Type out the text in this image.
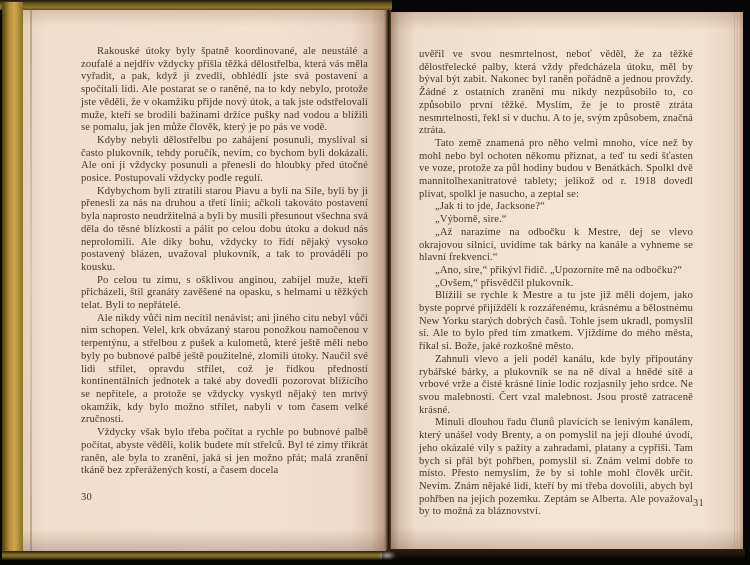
Rakouské útoky byly špatně koordinované, ale neustálé a zoufalé a nejdřív vždycky přišla těžká dělostřelba, která vás měla vyřadit, a pak, když ji zvedli, obhlédli jste svá postavení a spočítali lidi. Ale postarat se o raněné, na to kdy nebylo, protože jste věděli, že v okamžiku přijde nový útok, a tak jste odstřelovali muže, kteří se brodili bažinami držíce pušky nad vodou a blížili se pomalu, jak jen může člověk, který je po pás ve vodě.

Kdyby nebyli dělostřelbu po zahájení posunuli, myslíval si často plukovník, tehdy poručík, nevím, co bychom byli dokázali. Ale oni ji vždycky posunuli a přenesli do hloubky před útočné posice. Postupovali vždycky podle regulí.

Kdybychom byli ztratili starou Piavu a byli na Sile, byli by ji přenesli za nás na druhou a třetí linii; ačkoli takováto postavení byla naprosto neudržitelná a byli by musili přesunout všechna svá děla do těsné blízkosti a pálit po celou dobu útoku a dokud nás neprolomili. Ale díky bohu, vždycky to řídí nějaký vysoko postavený blázen, uvažoval plukovník, a tak to prováděli po kousku.

Po celou tu zimu, s ošklivou anginou, zabíjel muže, kteří přicházeli, štil granáty zavěšené na opasku, s helmami u těžkých telat. Byli to nepřátelé.

Ale nikdy vůči nim necítil nenávist; ani jiného citu nebyl vůči nim schopen. Velel, krk obvázaný starou ponožkou namočenou v terpentýnu, a střelbou z pušek a kulometů, které ještě měli nebo byly po bubnové palbě ještě použitelné, zlomili útoky. Naučil své lidi střílet, opravdu střílet, což je řídkou předností kontinentálních jednotek a také aby dovedli pozorovat blížícího se nepřítele, a protože se vždycky vyskytl nějaký ten mrtvý okamžik, kdy bylo možno střílet, nabyli v tom časem velké zručnosti.

Vždycky však bylo třeba počítat a rychle po bubnové palbě počítat, abyste věděli, kolik budete mít střelců. Byl té zimy třikrát raněn, ale byla to zranění, jaká si jen možno přát; malá zranění tkáně bez zpřerážených kostí, a časem docela

30

uvěřil ve svou nesmrtelnost, neboť věděl, že za těžké dělostřelecké palby, která vždy předcházela útoku, měl by býval být zabit. Nakonec byl raněn pořádně a jednou provždy. Žádné z ostatních zranění mu nikdy nezpůsobilo to, co způsobilo první těžké. Myslím, že je to prostě ztráta nesmrtelnosti, řekl si v duchu. A to je, svým způsobem, značná ztráta.

Tato země znamená pro něho velmi mnoho, více než by mohl nebo byl ochoten někomu přiznat, a teď tu sedí šťasten ve voze, protože za půl hodiny budou v Benátkách. Spolkl dvě mannitolhexanitratové tablety; jelikož od r. 1918 dovedl plivat, spolkl je nasucho, a zeptal se:

„Jak ti to jde, Jacksone?“

„Výborně, sire.“

„Až narazíme na odbočku k Mestre, dej se vlevo okrajovou silnicí, uvidíme tak bárky na kanále a vyhneme se hlavní frekvenci.“

„Ano, sire,“ přikývl řidič. „Upozorníte mě na odbočku?“

„Ovšem,“ přisvědčil plukovník.

Blížili se rychle k Mestre a tu jste již měli dojem, jako byste poprvé přijížděli k rozzářenému, krásnému a bělostnému New Yorku starých dobrých časů. Tohle jsem ukradl, pomyslil si. Ale to bylo před tím zmatkem. Vjíždíme do mého města, říkal si. Bože, jaké rozkošné město.

Zahnuli vlevo a jeli podél kanálu, kde byly připoutány rybářské bárky, a plukovník se na ně díval a hnědé sítě a vrbové vrže a čisté krásné linie lodic rozjasnily jeho srdce. Ne svou malebností. Čert vzal malebnost. Jsou prostě zatraceně krásné.

Minuli dlouhou řadu člunů plavících se lenivým kanálem, který unášel vody Brenty, a on pomyslil na její dlouhé úvodí, jeho okázalé vily s pažity a zahradami, platany a cypřiši. Tam bych si přál být pohřben, pomyslil si. Znám velmi dobře to místo. Přesto nemyslím, že by si tohle mohl člověk určit. Nevím. Znám nějaké lidi, kteří by mi třeba dovolili, abych byl pohřben na jejich pozemku. Zeptám se Alberta. Ale považoval by to možná za bláznovství.

31
